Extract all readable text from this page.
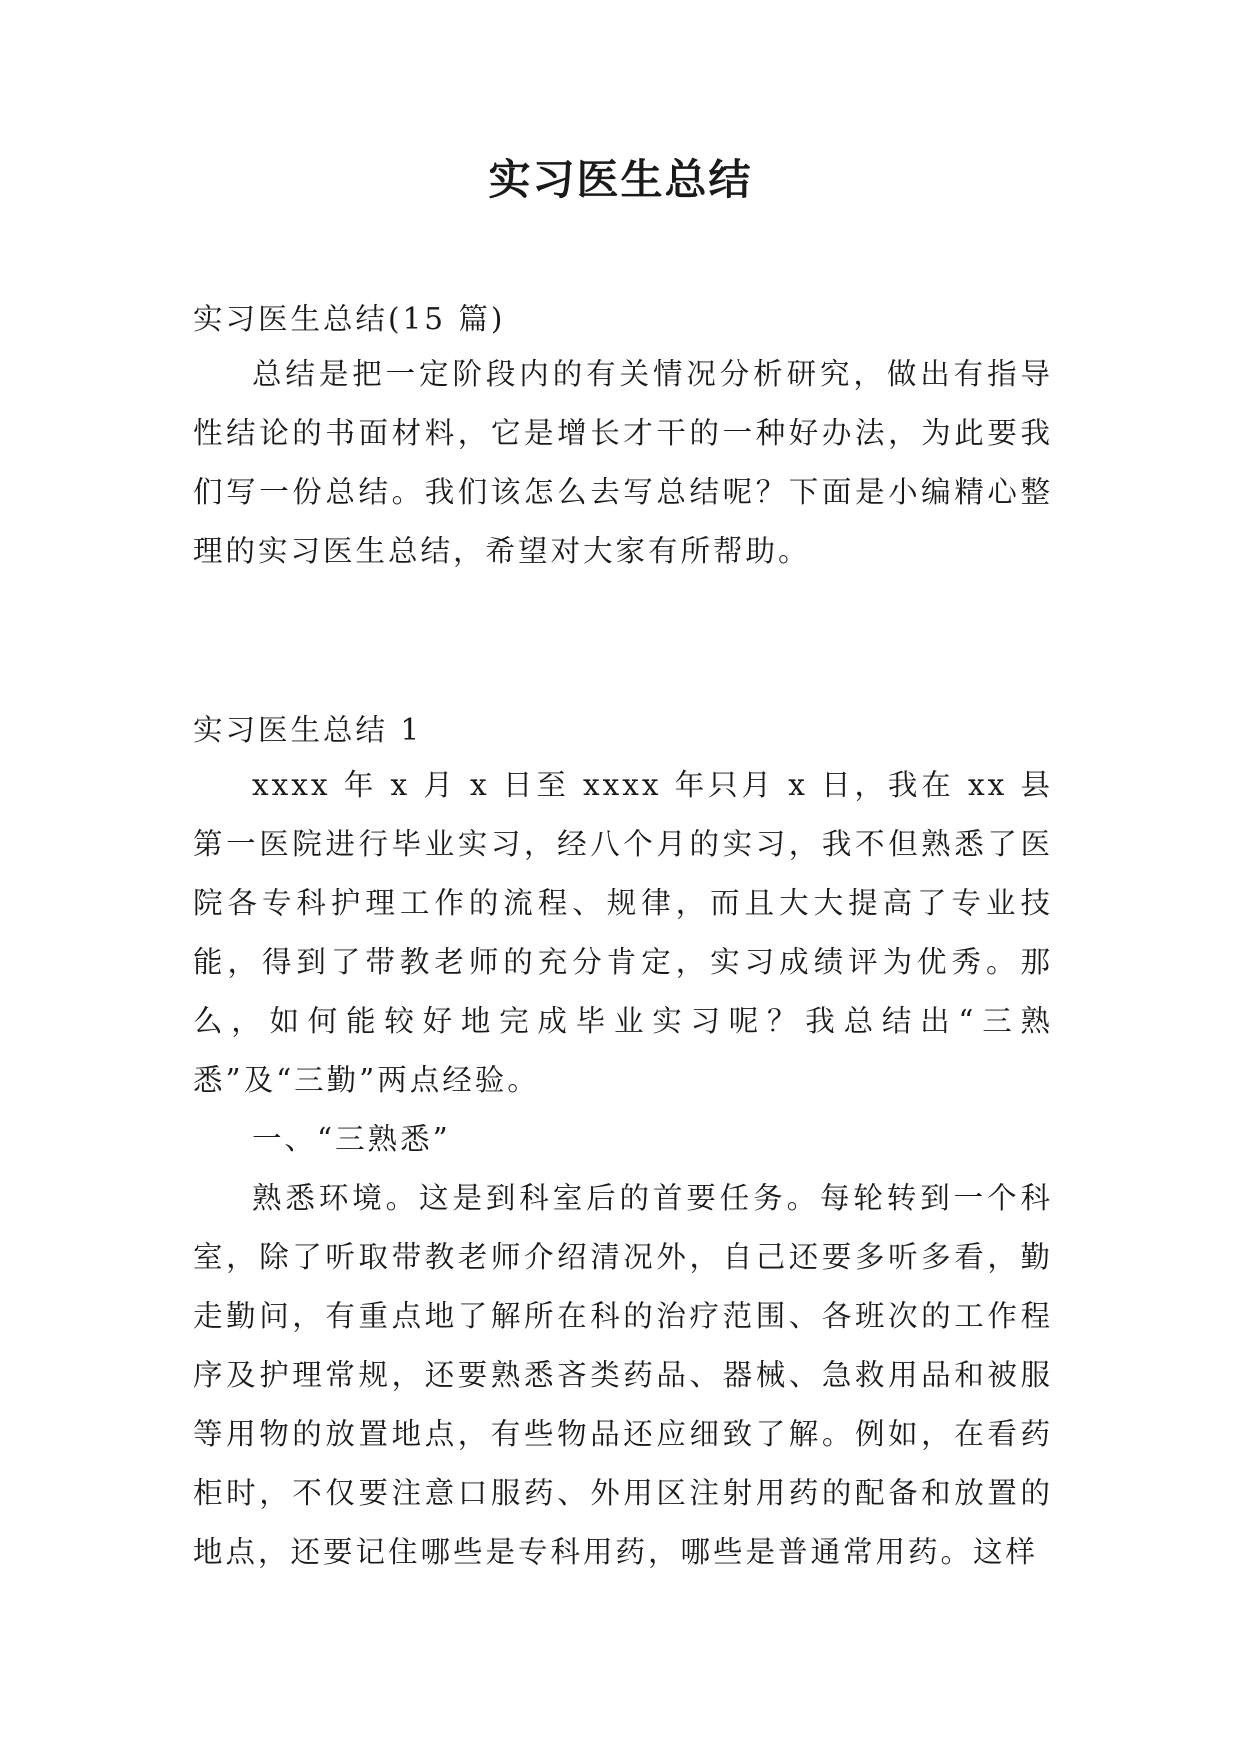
实习医生总结

实习医生总结(15 篇)

总结是把一定阶段内的有关情况分析研究，做出有指导性结论的书面材料，它是增长才干的一种好办法，为此要我们写一份总结。我们该怎么去写总结呢？下面是小编精心整理的实习医生总结，希望对大家有所帮助。

实习医生总结 1

xxxx 年 x 月 x 日至 xxxx 年只月 x 日，我在 xx 县第一医院进行毕业实习，经八个月的实习，我不但熟悉了医院各专科护理工作的流程、规律，而且大大提高了专业技能，得到了带教老师的充分肯定，实习成绩评为优秀。那么，如何能较好地完成毕业实习呢？我总结出“三熟悉”及“三勤”两点经验。

一、“三熟悉”

熟悉环境。这是到科室后的首要任务。每轮转到一个科室，除了听取带教老师介绍清况外，自己还要多听多看，勤走勤问，有重点地了解所在科的治疗范围、各班次的工作程序及护理常规，还要熟悉吝类药品、器械、急救用品和被服等用物的放置地点，有些物品还应细致了解。例如，在看药柜时，不仅要注意口服药、外用区注射用药的配备和放置的地点，还要记住哪些是专科用药，哪些是普通常用药。这样
